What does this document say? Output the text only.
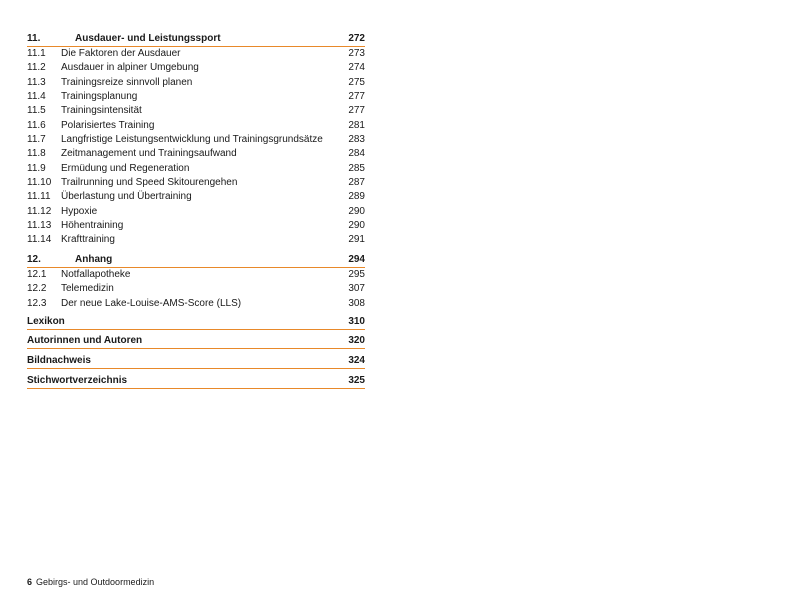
11.	Ausdauer- und Leistungssport	272
11.1	Die Faktoren der Ausdauer	273
11.2	Ausdauer in alpiner Umgebung	274
11.3	Trainingsreize sinnvoll planen	275
11.4	Trainingsplanung	277
11.5	Trainingsintensität	277
11.6	Polarisiertes Training	281
11.7	Langfristige Leistungsentwicklung und Trainingsgrundsätze	283
11.8	Zeitmanagement und Trainingsaufwand	284
11.9	Ermüdung und Regeneration	285
11.10 Trailrunning und Speed Skitourengehen	287
11.11	Überlastung und Übertraining	289
11.12 Hypoxie	290
11.13 Höhentraining	290
11.14 Krafttraining	291
12.	Anhang	294
12.1	Notfallapotheke	295
12.2	Telemedizin	307
12.3	Der neue Lake-Louise-AMS-Score (LLS)	308
Lexikon	310
Autorinnen und Autoren	320
Bildnachweis	324
Stichwortverzeichnis	325
6 Gebirgs- und Outdoormedizin
